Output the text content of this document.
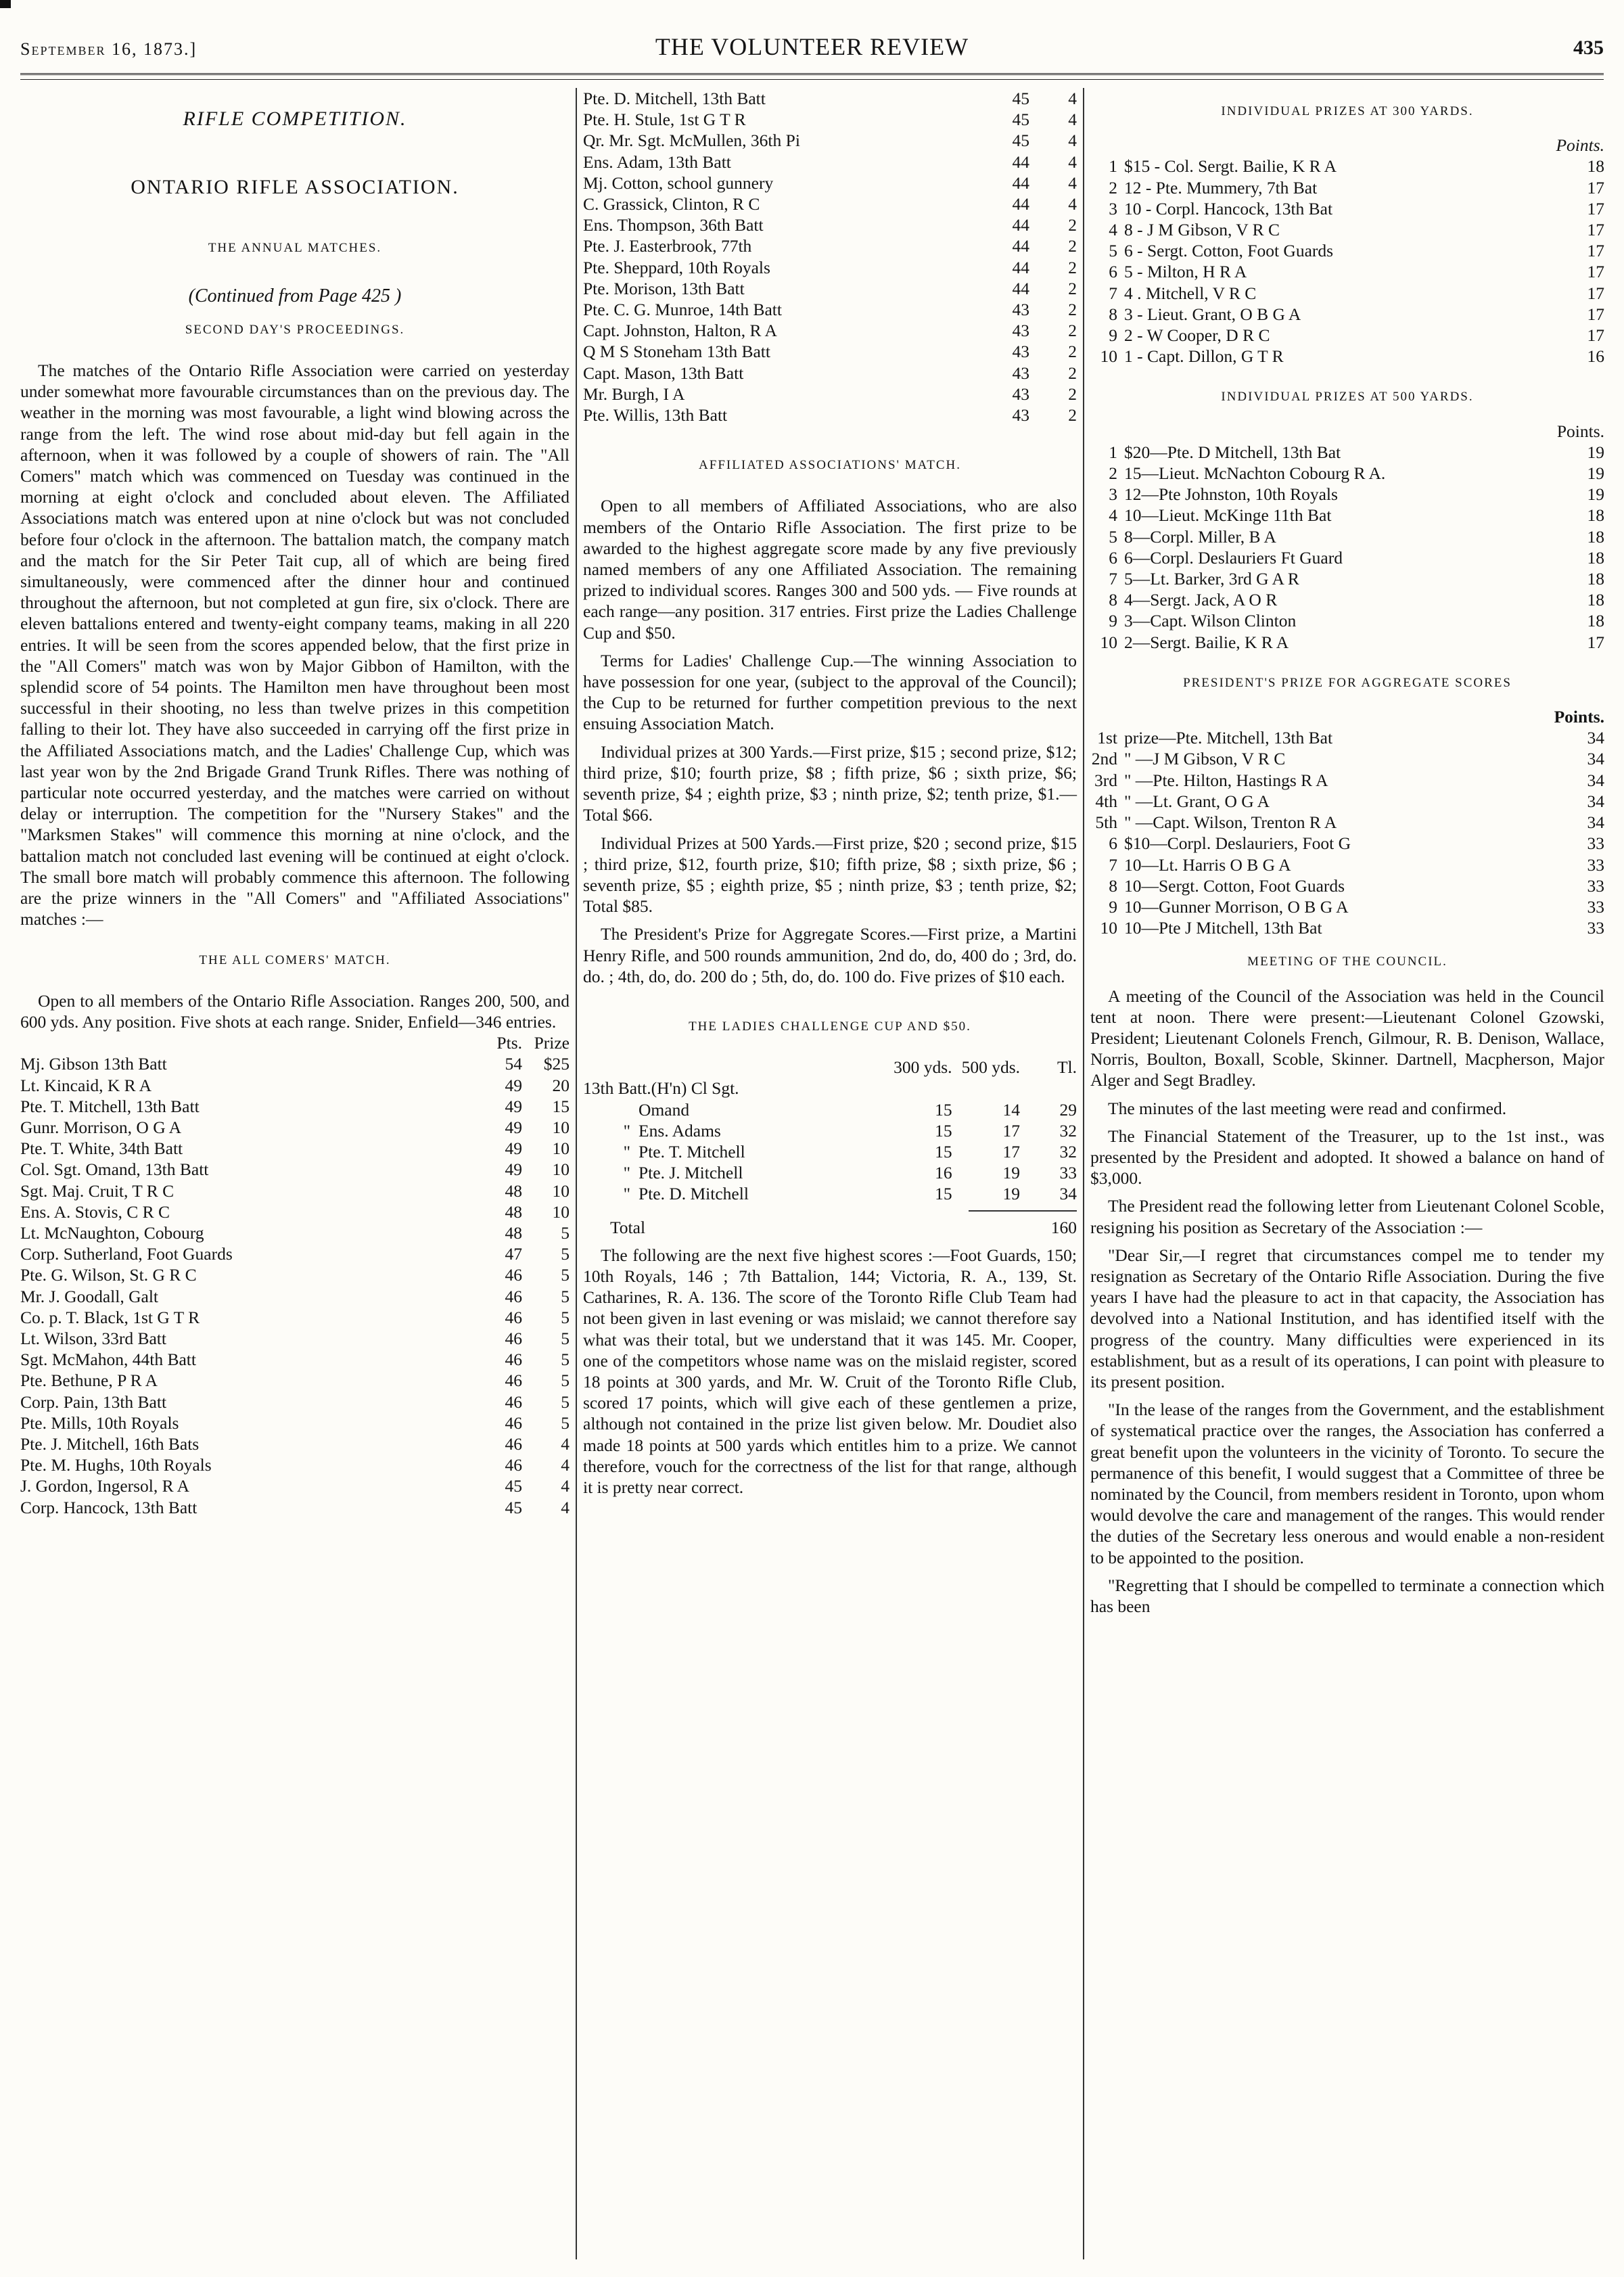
September 16, 1873.]	THE VOLUNTEER REVIEW	435

RIFLE COMPETITION.

ONTARIO RIFLE ASSOCIATION.

THE ANNUAL MATCHES.

(Continued from Page 425 )

SECOND DAY'S PROCEEDINGS.

The matches of the Ontario Rifle Association were carried on yesterday under somewhat more favourable circumstances than on the previous day. The weather in the morning was most favourable, a light wind blowing across the range from the left. The wind rose about mid-day but fell again in the afternoon, when it was followed by a couple of showers of rain. The "All Comers" match which was commenced on Tuesday was continued in the morning at eight o'clock and concluded about eleven. The Affiliated Associations match was entered upon at nine o'clock but was not concluded before four o'clock in the afternoon. The battalion match, the company match and the match for the Sir Peter Tait cup, all of which are being fired simultaneously, were commenced after the dinner hour and continued throughout the afternoon, but not completed at gun fire, six o'clock. There are eleven battalions entered and twenty-eight company teams, making in all 220 entries. It will be seen from the scores appended below, that the first prize in the "All Comers" match was won by Major Gibbon of Hamilton, with the splendid score of 54 points. The Hamilton men have throughout been most successful in their shooting, no less than twelve prizes in this competition falling to their lot. They have also succeeded in carrying off the first prize in the Affiliated Associations match, and the Ladies' Challenge Cup, which was last year won by the 2nd Brigade Grand Trunk Rifles. There was nothing of particular note occurred yesterday, and the matches were carried on without delay or interruption. The competition for the "Nursery Stakes" and the "Marksmen Stakes" will commence this morning at nine o'clock, and the battalion match not concluded last evening will be continued at eight o'clock. The small bore match will probably commence this afternoon. The following are the prize winners in the "All Comers" and "Affiliated Associations" matches :—

THE ALL COMERS' MATCH.

Open to all members of the Ontario Rifle Association. Ranges 200, 500, and 600 yds. Any position. Five shots at each range. Snider, Enfield—346 entries.

	Pts.	Prize
Mj. Gibson 13th Batt	54	$25
Lt. Kincaid, K R A	49	20
Pte. T. Mitchell, 13th Batt	49	15
Gunr. Morrison, O G A	49	10
Pte. T. White, 34th Batt	49	10
Col. Sgt. Omand, 13th Batt	49	10
Sgt. Maj. Cruit, T R C	48	10
Ens. A. Stovis, C R C	48	10
Lt. McNaughton, Cobourg	48	5
Corp. Sutherland, Foot Guards	47	5
Pte. G. Wilson, St. G R C	46	5
Mr. J. Goodall, Galt	46	5
Co. p. T. Black, 1st G T R	46	5
Lt. Wilson, 33rd Batt	46	5
Sgt. McMahon, 44th Batt	46	5
Pte. Bethune, P R A	46	5
Corp. Pain, 13th Batt	46	5
Pte. Mills, 10th Royals	46	5
Pte. J. Mitchell, 16th Bats	46	4
Pte. M. Hughs, 10th Royals	46	4
J. Gordon, Ingersol, R A	45	4
Corp. Hancock, 13th Batt	45	4
Pte. D. Mitchell, 13th Batt	45	4
Pte. H. Stule, 1st G T R	45	4
Qr. Mr. Sgt. McMullen, 36th Pi	45	4
Ens. Adam, 13th Batt	44	4
Mj. Cotton, school gunnery	44	4
C. Grassick, Clinton, R C	44	4
Ens. Thompson, 36th Batt	44	2
Pte. J. Easterbrook, 77th	44	2
Pte. Sheppard, 10th Royals	44	2
Pte. Morison, 13th Batt	44	2
Pte. C. G. Munroe, 14th Batt	43	2
Capt. Johnston, Halton, R A	43	2
Q M S Stoneham 13th Batt	43	2
Capt. Mason, 13th Batt	43	2
Mr. Burgh, I A	43	2
Pte. Willis, 13th Batt	43	2

AFFILIATED ASSOCIATIONS' MATCH.

Open to all members of Affiliated Associations, who are also members of the Ontario Rifle Association. The first prize to be awarded to the highest aggregate score made by any five previously named members of any one Affiliated Association. The remaining prized to individual scores. Ranges 300 and 500 yds. — Five rounds at each range—any position. 317 entries. First prize the Ladies Challenge Cup and $50.

Terms for Ladies' Challenge Cup.—The winning Association to have possession for one year, (subject to the approval of the Council); the Cup to be returned for further competition previous to the next ensuing Association Match.

Individual prizes at 300 Yards.—First prize, $15 ; second prize, $12; third prize, $10; fourth prize, $8 ; fifth prize, $6 ; sixth prize, $6; seventh prize, $4 ; eighth prize, $3 ; ninth prize, $2; tenth prize, $1.—Total $66.

Individual Prizes at 500 Yards.—First prize, $20 ; second prize, $15 ; third prize, $12, fourth prize, $10; fifth prize, $8 ; sixth prize, $6 ; seventh prize, $5 ; eighth prize, $5 ; ninth prize, $3 ; tenth prize, $2; Total $85.

The President's Prize for Aggregate Scores.—First prize, a Martini Henry Rifle, and 500 rounds ammunition, 2nd do, do, 400 do ; 3rd, do. do. ; 4th, do, do. 200 do ; 5th, do, do. 100 do. Five prizes of $10 each.

THE LADIES CHALLENGE CUP AND $50.

		300 yds.	500 yds.	Tl.
13th Batt.(H'n) Cl Sgt.				
	Omand	15	14	29
"	Ens. Adams	15	17	32
"	Pte. T. Mitchell	15	17	32
"	Pte. J. Mitchell	16	19	33
"	Pte. D. Mitchell	15	19	34
Total	160

The following are the next five highest scores :—Foot Guards, 150; 10th Royals, 146 ; 7th Battalion, 144; Victoria, R. A., 139, St. Catharines, R. A. 136. The score of the Toronto Rifle Club Team had not been given in last evening or was mislaid; we cannot therefore say what was their total, but we understand that it was 145. Mr. Cooper, one of the competitors whose name was on the mislaid register, scored 18 points at 300 yards, and Mr. W. Cruit of the Toronto Rifle Club, scored 17 points, which will give each of these gentlemen a prize, although not contained in the prize list given below. Mr. Doudiet also made 18 points at 500 yards which entitles him to a prize. We cannot therefore, vouch for the correctness of the list for that range, although it is pretty near correct.

INDIVIDUAL PRIZES AT 300 YARDS.

Points.

1	$15 - Col. Sergt. Bailie, K R A	18
2	12 - Pte. Mummery, 7th Bat	17
3	10 - Corpl. Hancock, 13th Bat	17
4	8 - J M Gibson, V R C	17
5	6 - Sergt. Cotton, Foot Guards	17
6	5 - Milton, H R A	17
7	4 . Mitchell, V R C	17
8	3 - Lieut. Grant, O B G A	17
9	2 - W Cooper, D R C	17
10	1 - Capt. Dillon, G T R	16

INDIVIDUAL PRIZES AT 500 YARDS.

Points.

1	$20—Pte. D Mitchell, 13th Bat	19
2	15—Lieut. McNachton Cobourg R A.	19
3	12—Pte Johnston, 10th Royals	19
4	10—Lieut. McKinge 11th Bat	18
5	8—Corpl. Miller, B A	18
6	6—Corpl. Deslauriers Ft Guard	18
7	5—Lt. Barker, 3rd G A R	18
8	4—Sergt. Jack, A O R	18
9	3—Capt. Wilson Clinton	18
10	2—Sergt. Bailie, K R A	17

PRESIDENT'S PRIZE FOR AGGREGATE SCORES

Points.

1st	prize—Pte. Mitchell, 13th Bat	34
2nd	" —J M Gibson, V R C	34
3rd	" —Pte. Hilton, Hastings R A	34
4th	" —Lt. Grant, O G A	34
5th	" —Capt. Wilson, Trenton R A	34
6	$10—Corpl. Deslauriers, Foot G	33
7	10—Lt. Harris O B G A	33
8	10—Sergt. Cotton, Foot Guards	33
9	10—Gunner Morrison, O B G A	33
10	10—Pte J Mitchell, 13th Bat	33

MEETING OF THE COUNCIL.

A meeting of the Council of the Association was held in the Council tent at noon. There were present:—Lieutenant Colonel Gzowski, President; Lieutenant Colonels French, Gilmour, R. B. Denison, Wallace, Norris, Boulton, Boxall, Scoble, Skinner. Dartnell, Macpherson, Major Alger and Segt Bradley.

The minutes of the last meeting were read and confirmed.

The Financial Statement of the Treasurer, up to the 1st inst., was presented by the President and adopted. It showed a balance on hand of $3,000.

The President read the following letter from Lieutenant Colonel Scoble, resigning his position as Secretary of the Association :—

"Dear Sir,—I regret that circumstances compel me to tender my resignation as Secretary of the Ontario Rifle Association. During the five years I have had the pleasure to act in that capacity, the Association has devolved into a National Institution, and has identified itself with the progress of the country. Many difficulties were experienced in its establishment, but as a result of its operations, I can point with pleasure to its present position.

"In the lease of the ranges from the Government, and the establishment of systematical practice over the ranges, the Association has conferred a great benefit upon the volunteers in the vicinity of Toronto. To secure the permanence of this benefit, I would suggest that a Committee of three be nominated by the Council, from members resident in Toronto, upon whom would devolve the care and management of the ranges. This would render the duties of the Secretary less onerous and would enable a non-resident to be appointed to the position.

"Regretting that I should be compelled to terminate a connection which has been
